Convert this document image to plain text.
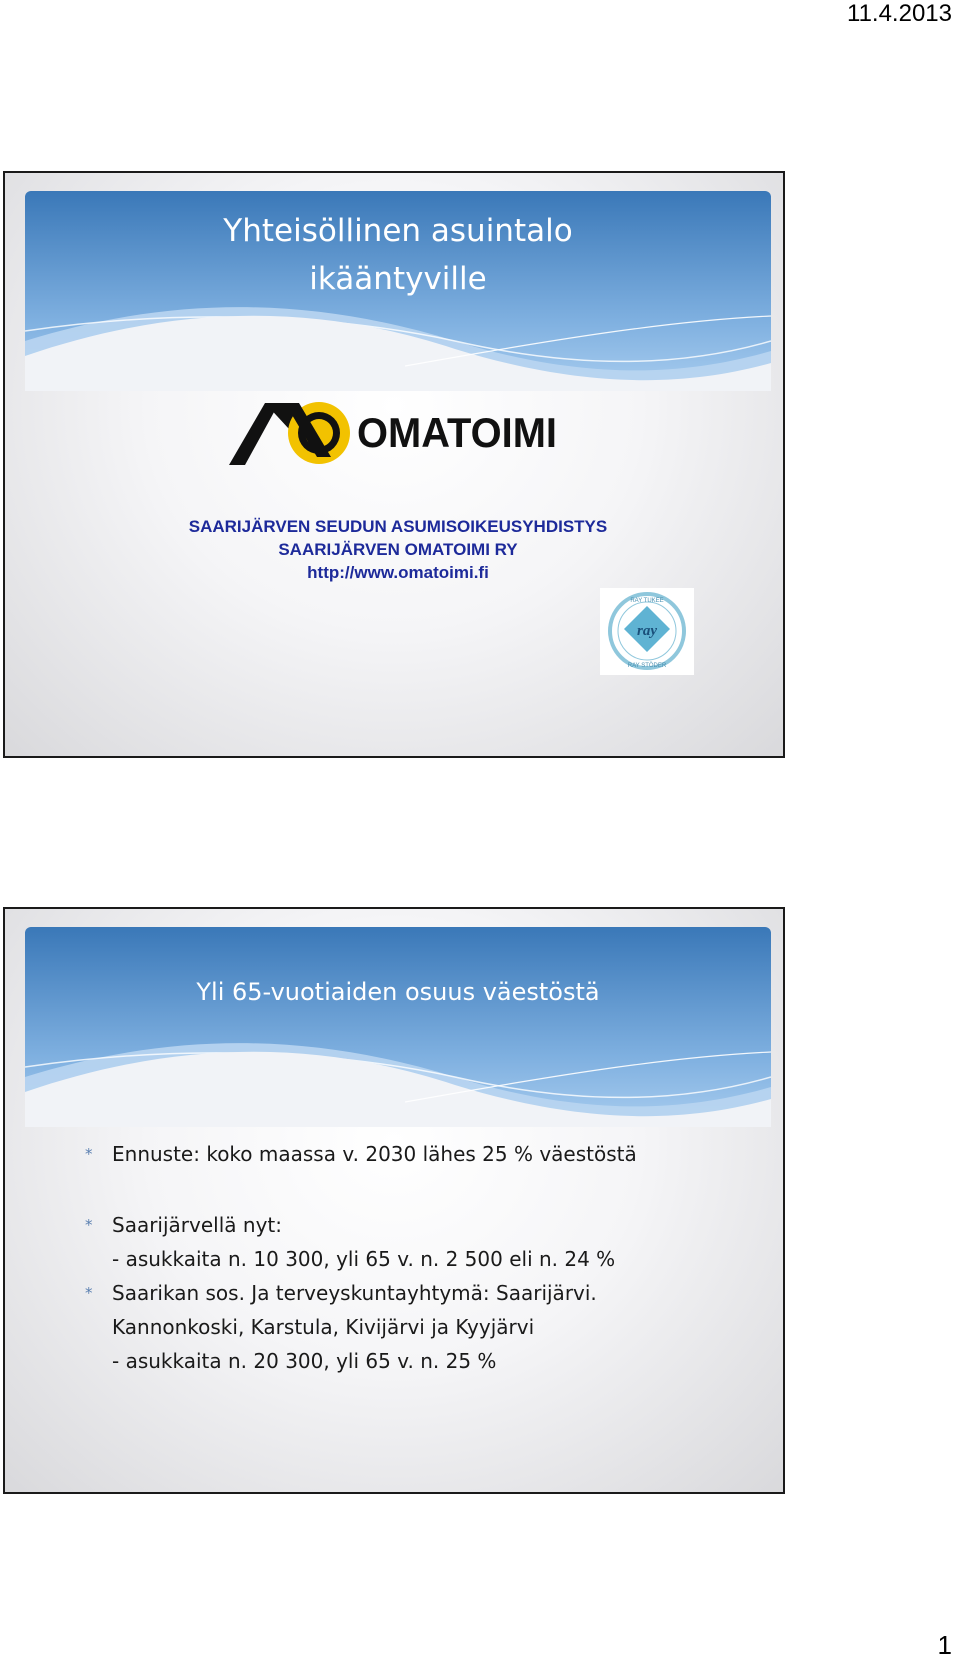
11.4.2013
Yhteisöllinen asuintalo
ikääntyville
OMATOIMI
SAARIJÄRVEN SEUDUN ASUMISOIKEUSYHDISTYS
SAARIJÄRVEN OMATOIMI RY
http://www.omatoimi.fi
ray
RAY TUKEE
RAY STÖDER
Yli 65-vuotiaiden osuus väestöstä
* Ennuste: koko maassa v. 2030 lähes 25 % väestöstä
* Saarijärvellä nyt:
- asukkaita n. 10 300, yli 65 v. n. 2 500 eli n. 24 %
* Saarikan sos. Ja terveyskuntayhtymä: Saarijärvi.
Kannonkoski, Karstula, Kivijärvi ja Kyyjärvi
- asukkaita n. 20 300, yli 65 v. n. 25 %
1
